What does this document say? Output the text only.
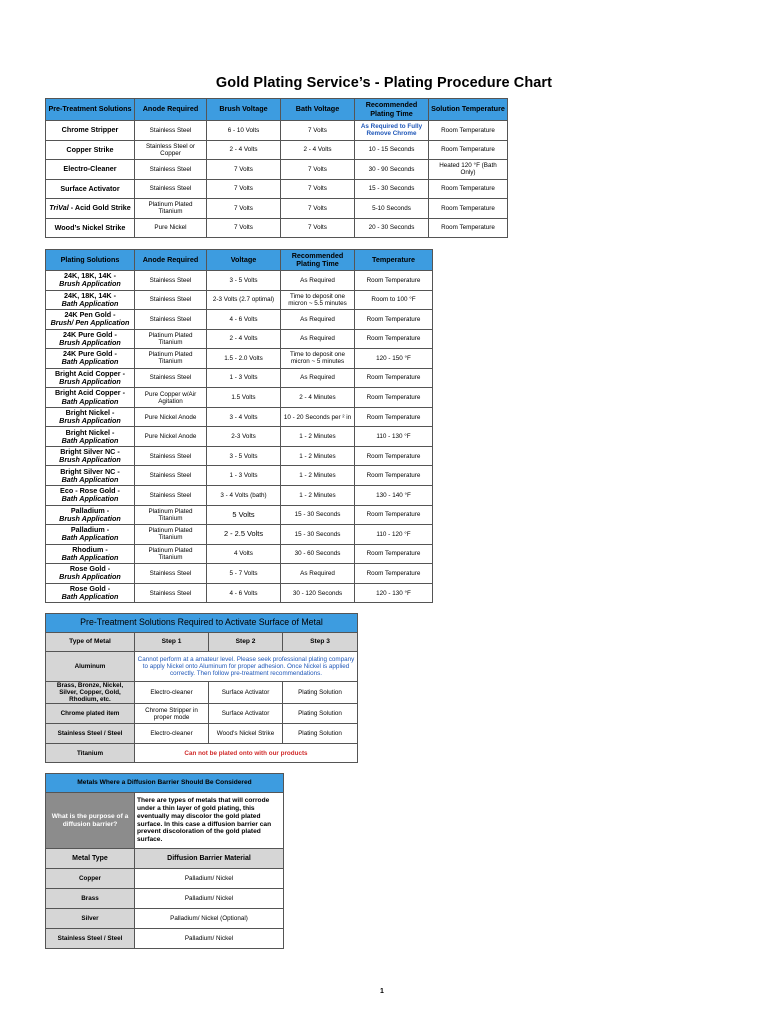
Gold Plating Service’s - Plating Procedure Chart
Pre-Treatment Solutions	Anode Required	Brush Voltage	Bath Voltage	Recommended Plating Time	Solution Temperature
Chrome Stripper	Stainless Steel	6 - 10 Volts	7 Volts	As Required to Fully Remove Chrome	Room Temperature
Copper Strike	Stainless Steel or Copper	2 - 4 Volts	2 - 4 Volts	10 - 15 Seconds	Room Temperature
Electro-Cleaner	Stainless Steel	7 Volts	7 Volts	30 - 90 Seconds	Heated 120 °F (Bath Only)
Surface Activator	Stainless Steel	7 Volts	7 Volts	15 - 30 Seconds	Room Temperature
TriVal - Acid Gold Strike	Platinum Plated Titanium	7 Volts	7 Volts	5-10 Seconds	Room Temperature
Wood’s Nickel Strike	Pure Nickel	7 Volts	7 Volts	20 - 30 Seconds	Room Temperature
Plating Solutions	Anode Required	Voltage	Recommended Plating Time	Temperature

24K, 18K, 14K -
Brush Application	Stainless Steel	3 - 5 Volts	As Required	Room Temperature

24K, 18K, 14K -
Bath Application	Stainless Steel	2-3 Volts (2.7 optimal)	Time to deposit one micron ~ 5.5 minutes	Room to 100 °F

24K Pen Gold -
Brush/ Pen Application	Stainless Steel	4 - 6 Volts	As Required	Room Temperature

24K Pure Gold -
Brush Application	Platinum Plated Titanium	2 - 4 Volts	As Required	Room Temperature

24K Pure Gold -
Bath Application	Platinum Plated Titanium	1.5 - 2.0 Volts	Time to deposit one micron ~ 5 minutes	120 - 150 °F

Bright Acid Copper -
Brush Application	Stainless Steel	1 - 3 Volts	As Required	Room Temperature

Bright Acid Copper -
Bath Application	Pure Copper w/Air Agitation	1.5 Volts	2 - 4 Minutes	Room Temperature

Bright Nickel -
Brush Application	Pure Nickel Anode	3 - 4 Volts	10 - 20 Seconds per ² in	Room Temperature

Bright Nickel -
Bath Application	Pure Nickel Anode	2-3 Volts	1 - 2 Minutes	110 - 130 °F

Bright Silver NC -
Brush Application	Stainless Steel	3 - 5 Volts	1 - 2 Minutes	Room Temperature

Bright Silver NC -
Bath Application	Stainless Steel	1 - 3 Volts	1 - 2 Minutes	Room Temperature

Eco - Rose Gold -
Bath Application	Stainless Steel	3 - 4 Volts (bath)	1 - 2 Minutes	130 - 140 °F

Palladium -
Brush Application	Platinum Plated Titanium	5 Volts	15 - 30 Seconds	Room Temperature

Palladium -
Bath Application	Platinum Plated Titanium	2 - 2.5 Volts	15 - 30 Seconds	110 - 120 °F

Rhodium -
Bath Application	Platinum Plated Titanium	4 Volts	30 - 60 Seconds	Room Temperature

Rose Gold -
Brush Application	Stainless Steel	5 - 7 Volts	As Required	Room Temperature

Rose Gold -
Bath Application	Stainless Steel	4 - 6 Volts	30 - 120 Seconds	120 - 130 °F
Pre-Treatment Solutions Required to Activate Surface of Metal			
Type of Metal	Step 1	Step 2	Step 3
Aluminum	Cannot perform at a amateur level. Please seek professional plating company to apply Nickel onto Aluminum for proper adhesion. Once Nickel is applied correctly. Then follow pre-treatment recommendations.		
Brass, Bronze, Nickel, Silver, Copper, Gold, Rhodium, etc.	Electro-cleaner	Surface Activator	Plating Solution
Chrome plated item	Chrome Stripper in proper mode	Surface Activator	Plating Solution
Stainless Steel / Steel	Electro-cleaner	Wood's Nickel Strike	Plating Solution
Titanium	Can not be plated onto with our products		
Metals Where a Diffusion Barrier Should Be Considered	
What is the purpose of a diffusion barrier?	There are types of metals that will corrode under a thin layer of gold plating, this eventually may discolor the gold plated surface. In this case a diffusion barrier can prevent discoloration of the gold plated surface.
Metal Type	Diffusion Barrier Material
Copper	Palladium/ Nickel
Brass	Palladium/ Nickel
Silver	Palladium/ Nickel (Optional)
Stainless Steel / Steel	Palladium/ Nickel
1
